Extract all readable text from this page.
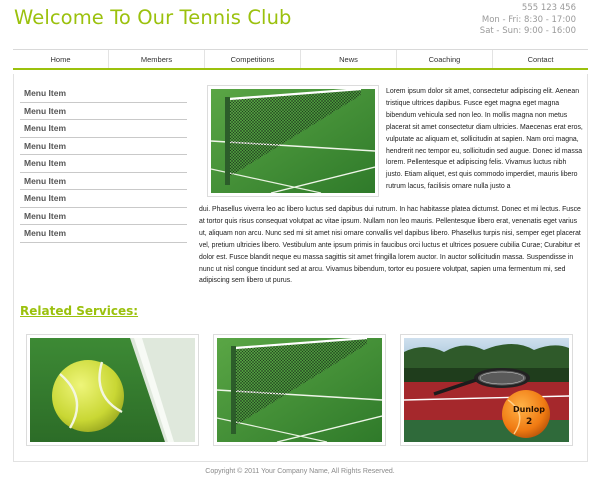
Welcome To Our Tennis Club	555 123 456
Mon - Fri: 8:30 - 17:00
Sat - Sun: 9:00 - 16:00
Home	Members	Competitions	News	Coaching	Contact
Menu Item
Menu Item
Menu Item
Menu Item
Menu Item
Menu Item
Menu Item
Menu Item
Menu Item
Lorem ipsum dolor sit amet, consectetur adipiscing elit. Aenean tristique ultrices dapibus. Fusce eget magna eget magna bibendum vehicula sed non leo. In mollis magna non metus placerat sit amet consectetur diam ultricies. Maecenas erat eros, vulputate ac aliquam et, sollicitudin at sapien. Nam orci magna, hendrerit nec tempor eu, sollicitudin sed augue. Donec id massa lorem. Pellentesque et adipiscing felis. Vivamus luctus nibh justo. Etiam aliquet, est quis commodo imperdiet, mauris libero rutrum lacus, facilisis ornare nulla justo a
dui. Phasellus viverra leo ac libero luctus sed dapibus dui rutrum. In hac habitasse platea dictumst. Donec et mi lectus. Fusce at tortor quis risus consequat volutpat ac vitae ipsum. Nullam non leo mauris. Pellentesque libero erat, venenatis eget varius ut, aliquam non arcu. Nunc sed mi sit amet nisi ornare convallis vel dapibus libero. Phasellus turpis nisi, semper eget placerat vel, pretium ultricies libero. Vestibulum ante ipsum primis in faucibus orci luctus et ultrices posuere cubilia Curae; Curabitur et dolor est. Fusce blandit neque eu massa sagittis sit amet fringilla lorem auctor. In auctor sollicitudin massa. Suspendisse in nunc ut nisl congue tincidunt sed at arcu. Vivamus bibendum, tortor eu posuere volutpat, sapien urna fermentum mi, sed adipiscing sem libero ut purus.
Related Services:
Dunlop
2
Copyright © 2011 Your Company Name, All Rights Reserved.
